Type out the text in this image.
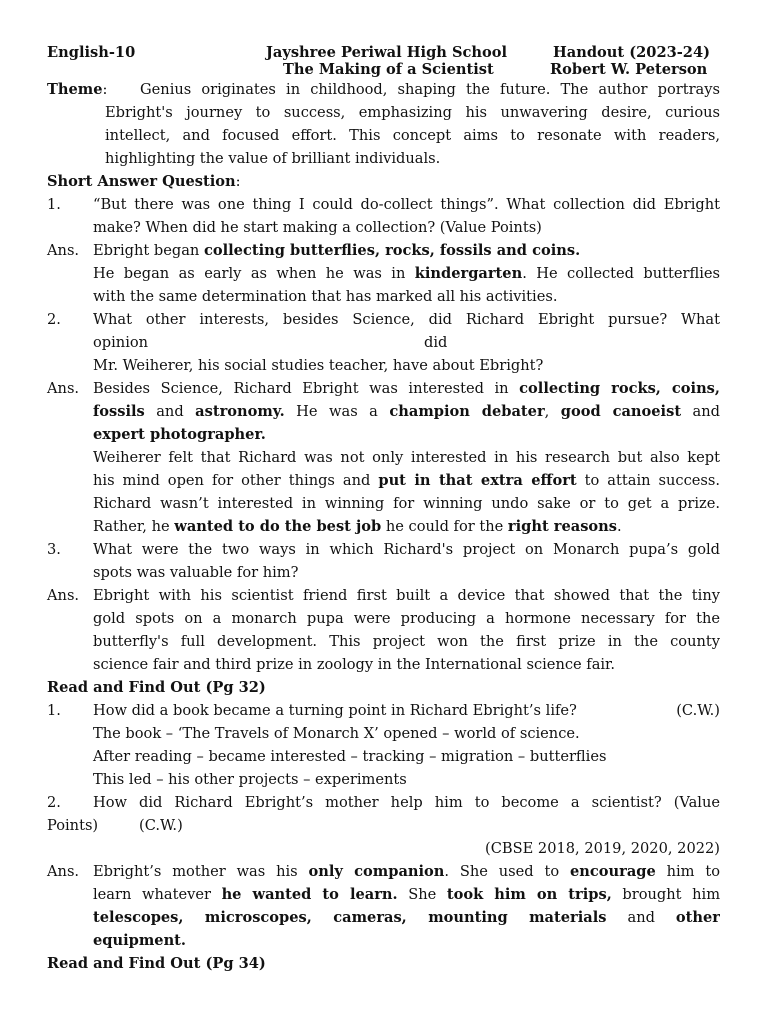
English-10	Jayshree Periwal High School	Handout (2023-24)
The Making of a Scientist	Robert W. Peterson
Theme: Genius originates in childhood, shaping the future. The author portrays
Ebright's journey to success, emphasizing his unwavering desire, curious
intellect, and focused effort. This concept aims to resonate with readers,
highlighting the value of brilliant individuals.
Short Answer Question:
1. “But there was one thing I could do-collect things”. What collection did Ebright
make? When did he start making a collection? (Value Points)
Ans. Ebright began collecting butterflies, rocks, fossils and coins.
He began as early as when he was in kindergarten. He collected butterflies
with the same determination that has marked all his activities.
2. What other interests, besides Science, did Richard Ebright pursue? What
opinion	did
Mr. Weiherer, his social studies teacher, have about Ebright?
Ans. Besides Science, Richard Ebright was interested in collecting rocks, coins,
fossils and astronomy. He was a champion debater, good canoeist and
expert photographer.
Weiherer felt that Richard was not only interested in his research but also kept
his mind open for other things and put in that extra effort to attain success.
Richard wasn’t interested in winning for winning undo sake or to get a prize.
Rather, he wanted to do the best job he could for the right reasons.
3. What were the two ways in which Richard's project on Monarch pupa’s gold
spots was valuable for him?
Ans. Ebright with his scientist friend first built a device that showed that the tiny
gold spots on a monarch pupa were producing a hormone necessary for the
butterfly's full development. This project won the first prize in the county
science fair and third prize in zoology in the International science fair.
Read and Find Out (Pg 32)
1. How did a book became a turning point in Richard Ebright’s life?	(C.W.)
The book – ‘The Travels of Monarch X’ opened – world of science.
After reading – became interested – tracking – migration – butterflies
This led – his other projects – experiments
2. How did Richard Ebright’s mother help him to become a scientist? (Value
Points)	(C.W.)
(CBSE 2018, 2019, 2020, 2022)
Ans. Ebright’s mother was his only companion. She used to encourage him to
learn whatever he wanted to learn. She took him on trips, brought him
telescopes, microscopes, cameras, mounting materials and other
equipment.
Read and Find Out (Pg 34)
